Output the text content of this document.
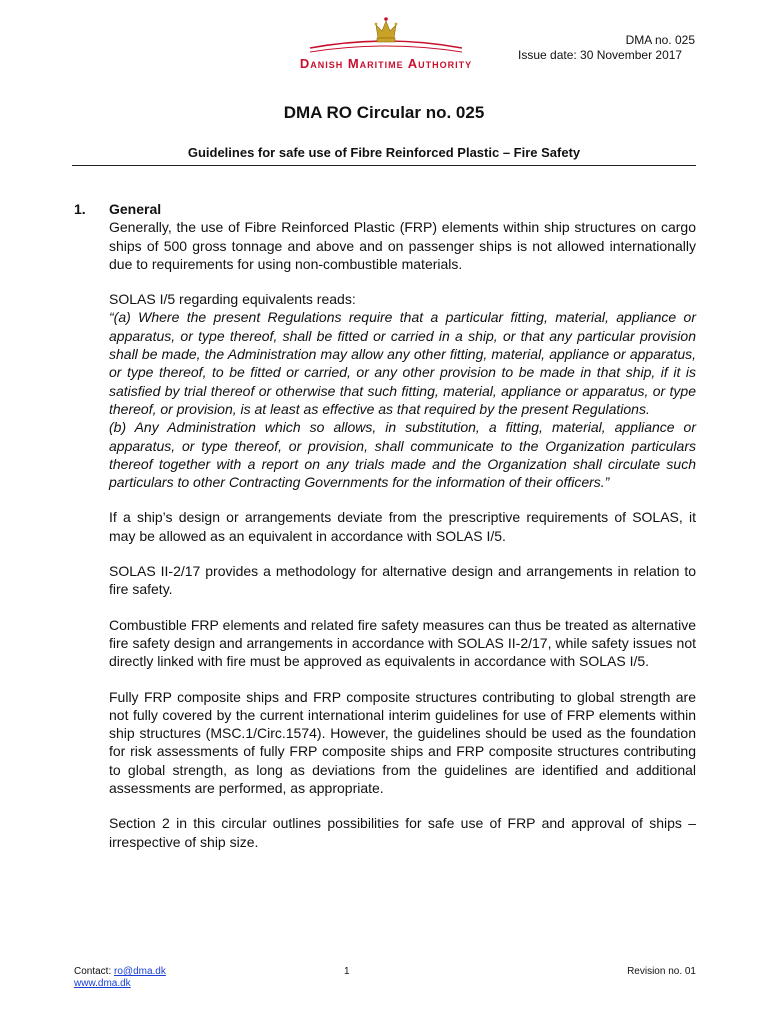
Danish Maritime Authority
DMA no. 025
Issue date: 30 November 2017
DMA RO Circular no. 025
Guidelines for safe use of Fibre Reinforced Plastic – Fire Safety
1.	General

Generally, the use of Fibre Reinforced Plastic (FRP) elements within ship structures on cargo ships of 500 gross tonnage and above and on passenger ships is not allowed internationally due to requirements for using non-combustible materials.

SOLAS I/5 regarding equivalents reads:

“(a) Where the present Regulations require that a particular fitting, material, appliance or apparatus, or type thereof, shall be fitted or carried in a ship, or that any particular provision shall be made, the Administration may allow any other fitting, material, appliance or apparatus, or type thereof, to be fitted or carried, or any other provision to be made in that ship, if it is satisfied by trial thereof or otherwise that such fitting, material, appliance or apparatus, or type thereof, or provision, is at least as effective as that required by the present Regulations.

(b) Any Administration which so allows, in substitution, a fitting, material, appliance or apparatus, or type thereof, or provision, shall communicate to the Organization particulars thereof together with a report on any trials made and the Organization shall circulate such particulars to other Contracting Governments for the information of their officers.”

If a ship’s design or arrangements deviate from the prescriptive requirements of SOLAS, it may be allowed as an equivalent in accordance with SOLAS I/5.

SOLAS II-2/17 provides a methodology for alternative design and arrangements in relation to fire safety.

Combustible FRP elements and related fire safety measures can thus be treated as alternative fire safety design and arrangements in accordance with SOLAS II-2/17, while safety issues not directly linked with fire must be approved as equivalents in accordance with SOLAS I/5.

Fully FRP composite ships and FRP composite structures contributing to global strength are not fully covered by the current international interim guidelines for use of FRP elements within ship structures (MSC.1/Circ.1574). However, the guidelines should be used as the foundation for risk assessments of fully FRP composite ships and FRP composite structures contributing to global strength, as long as deviations from the guidelines are identified and additional assessments are performed, as appropriate.

Section 2 in this circular outlines possibilities for safe use of FRP and approval of ships – irrespective of ship size.

Contact: ro@dma.dk
www.dma.dk
1	Revision no. 01
